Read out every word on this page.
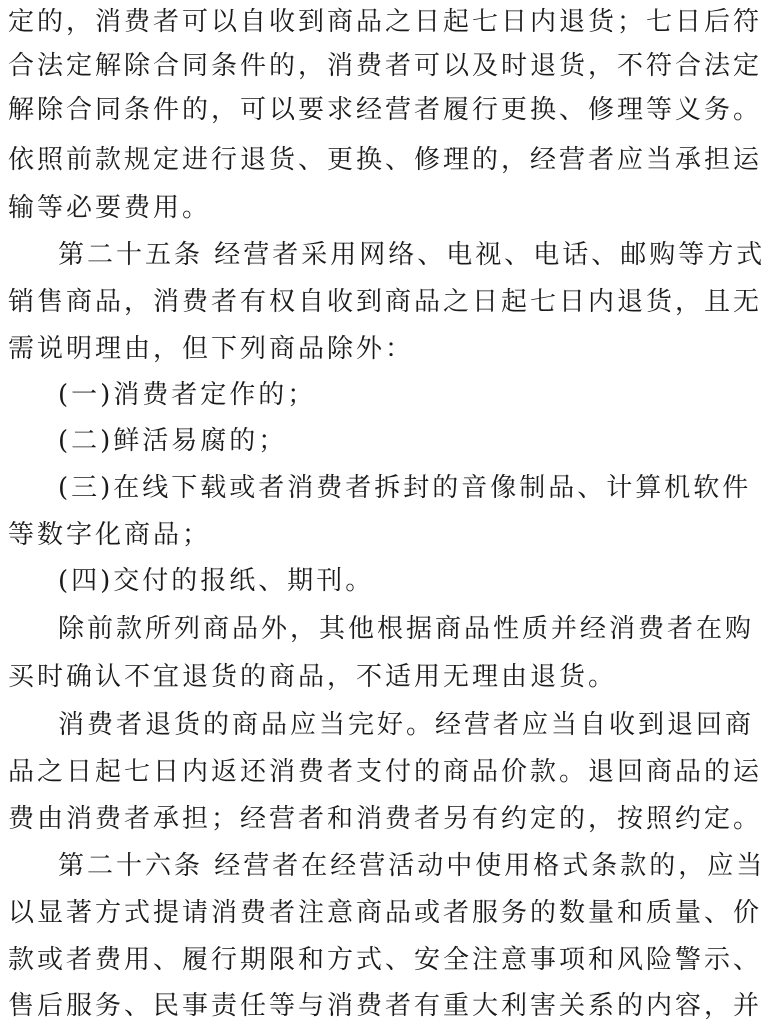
定的，消费者可以自收到商品之日起七日内退货；七日后符
合法定解除合同条件的，消费者可以及时退货，不符合法定
解除合同条件的，可以要求经营者履行更换、修理等义务。
依照前款规定进行退货、更换、修理的，经营者应当承担运
输等必要费用。
第二十五条 经营者采用网络、电视、电话、邮购等方式
销售商品，消费者有权自收到商品之日起七日内退货，且无
需说明理由，但下列商品除外：
(一)消费者定作的；
(二)鲜活易腐的；
(三)在线下载或者消费者拆封的音像制品、计算机软件
等数字化商品；
(四)交付的报纸、期刊。
除前款所列商品外，其他根据商品性质并经消费者在购
买时确认不宜退货的商品，不适用无理由退货。
消费者退货的商品应当完好。经营者应当自收到退回商
品之日起七日内返还消费者支付的商品价款。退回商品的运
费由消费者承担；经营者和消费者另有约定的，按照约定。
第二十六条 经营者在经营活动中使用格式条款的，应当
以显著方式提请消费者注意商品或者服务的数量和质量、价
款或者费用、履行期限和方式、安全注意事项和风险警示、
售后服务、民事责任等与消费者有重大利害关系的内容，并
